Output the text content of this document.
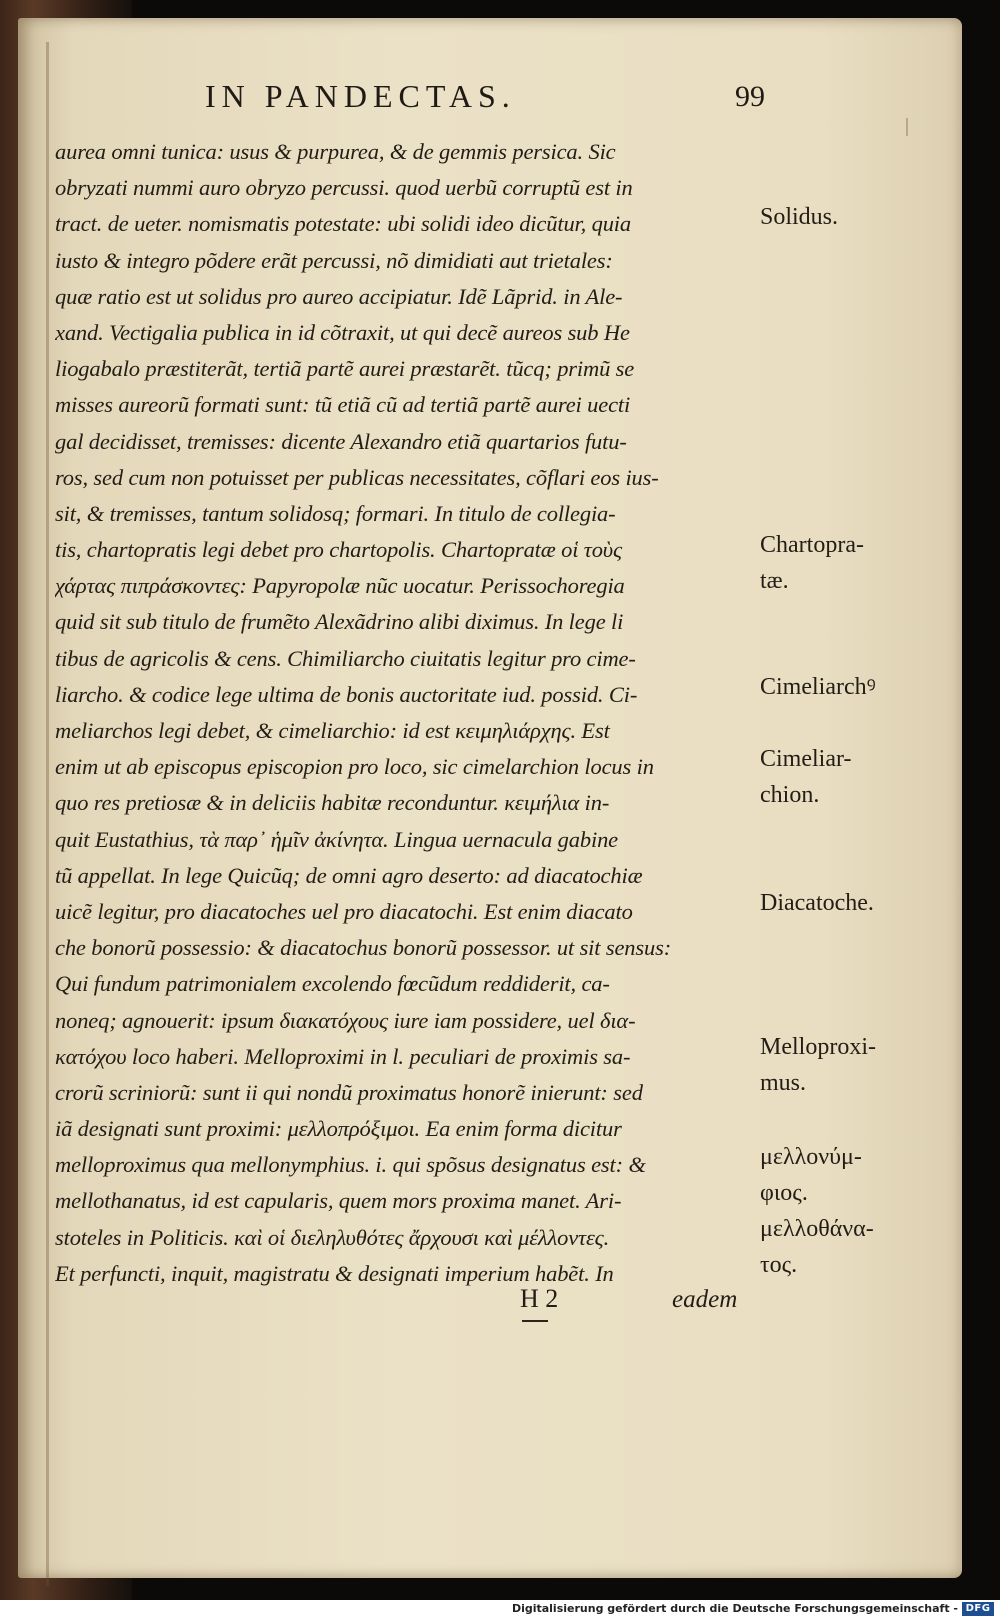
IN PANDECTAS.	99
aurea omni tunica: usus & purpurea, & de gemmis persica. Sic
obryzati nummi auro obryzo percussi. quod uerbũ corruptũ est in
tract. de ueter. nomismatis potestate: ubi solidi ideo dicũtur, quia
iusto & integro põdere erãt percussi, nõ dimidiati aut trietales:
quæ ratio est ut solidus pro aureo accipiatur. Idẽ Lãprid. in Ale-
xand. Vectigalia publica in id cõtraxit, ut qui decẽ aureos sub He
liogabalo præstiterãt, tertiã partẽ aurei præstarẽt. tũcq; primũ se
misses aureorũ formati sunt: tũ etiã cũ ad tertiã partẽ aurei uecti
gal decidisset, tremisses: dicente Alexandro etiã quartarios futu-
ros, sed cum non potuisset per publicas necessitates, cõflari eos ius-
sit, & tremisses, tantum solidosq; formari. In titulo de collegia-
tis, chartopratis legi debet pro chartopolis. Chartopratæ οἱ τοὺς
χάρτας πιπράσκοντες: Papyropolæ nũc uocatur. Perissochoregia
quid sit sub titulo de frumẽto Alexãdrino alibi diximus. In lege li
tibus de agricolis & cens. Chimiliarcho ciuitatis legitur pro cime-
liarcho. & codice lege ultima de bonis auctoritate iud. possid. Ci-
meliarchos legi debet, & cimeliarchio: id est κειμηλιάρχης. Est
enim ut ab episcopus episcopion pro loco, sic cimelarchion locus in
quo res pretiosæ & in deliciis habitæ reconduntur. κειμήλια in-
quit Eustathius, τὰ παρ᾽ ἡμῖν ἀκίνητα. Lingua uernacula gabine
tũ appellat. In lege Quicũq; de omni agro deserto: ad diacatochiæ
uicẽ legitur, pro diacatoches uel pro diacatochi. Est enim diacato
che bonorũ possessio: & diacatochus bonorũ possessor. ut sit sensus:
Qui fundum patrimonialem excolendo fœcũdum reddiderit, ca-
noneq; agnouerit: ipsum διακατόχους iure iam possidere, uel δια-
κατόχου loco haberi. Melloproximi in l. peculiari de proximis sa-
crorũ scriniorũ: sunt ii qui nondũ proximatus honorẽ inierunt: sed
iã designati sunt proximi: μελλοπρόξιμοι. Ea enim forma dicitur
melloproximus qua mellonymphius. i. qui spõsus designatus est: &
mellothanatus, id est capularis, quem mors proxima manet. Ari-
stoteles in Politicis. καὶ οἱ διεληλυθότες ἄρχουσι καὶ μέλλοντες.
Et perfuncti, inquit, magistratu & designati imperium habẽt. In
Solidus.
Chartopra-
tæ.
Cimeliarchꝰ
Cimeliar-
chion.
Diacatoche.
Melloproxi-
mus.
μελλονύμ-
φιος.
μελλοθάνα-
τος.
H 2	eadem
Digitalisierung gefördert durch die Deutsche Forschungsgemeinschaft - DFG
